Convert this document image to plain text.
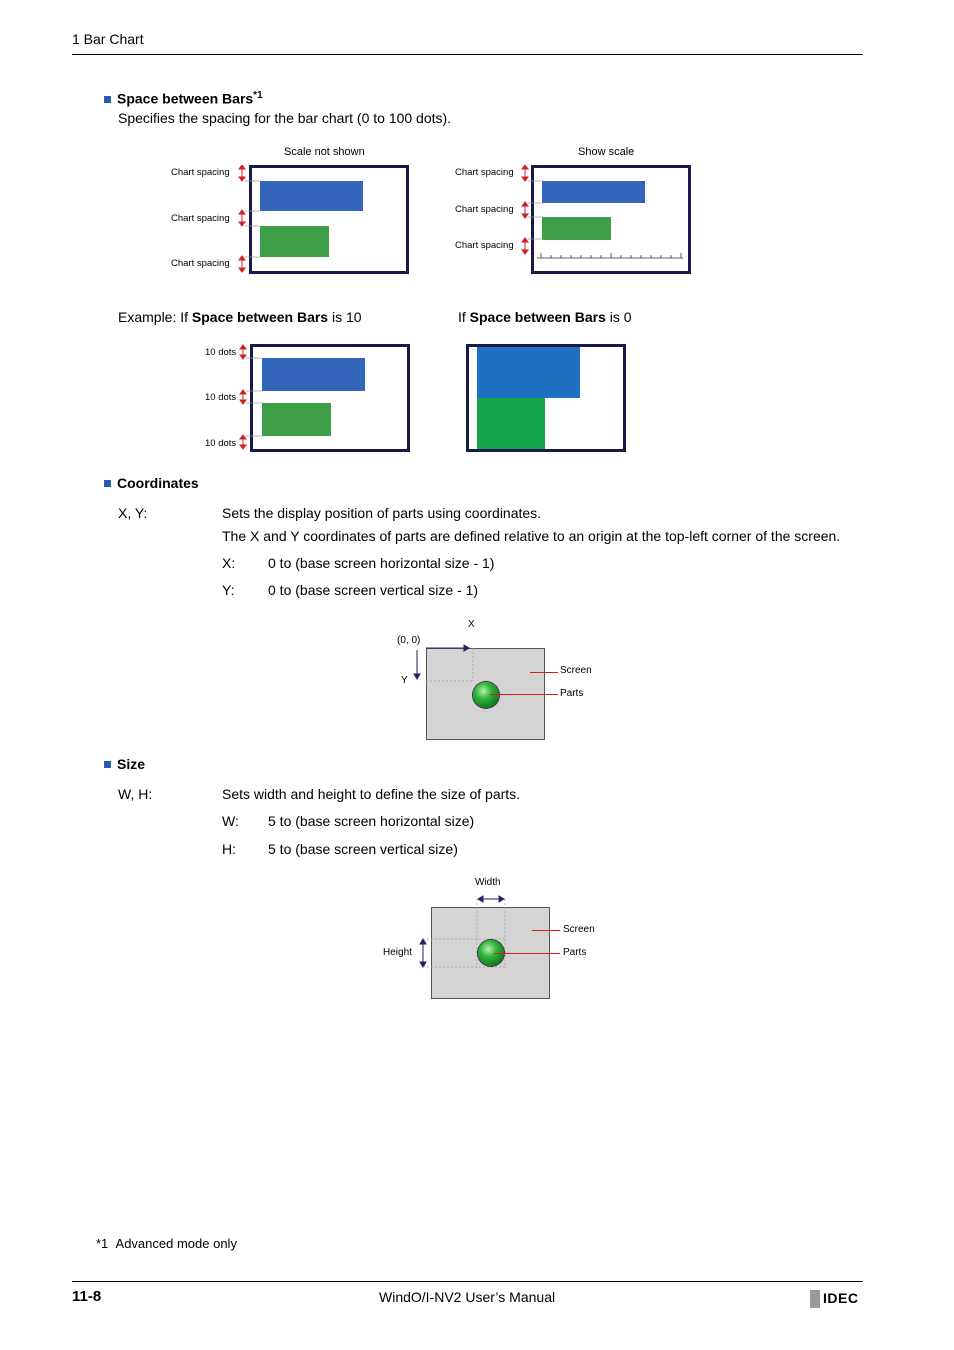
1 Bar Chart
Space between Bars$^{*1}$
Specifies the spacing for the bar chart (0 to 100 dots).
Scale not shown
Chart spacing
Chart spacing
Chart spacing
Show scale
Chart spacing
Chart spacing
Chart spacing
Example: If Space between Bars is 10	If Space between Bars is 0
10 dots
10 dots
10 dots
Coordinates
X, Y:	Sets the display position of parts using coordinates.
The X and Y coordinates of parts are defined relative to an origin at the top-left corner of the screen.
X: 0 to (base screen horizontal size - 1)
Y: 0 to (base screen vertical size - 1)
(0, 0)
X
Y
Screen
Parts
Size
W, H:	Sets width and height to define the size of parts.
W: 5 to (base screen horizontal size)
H: 5 to (base screen vertical size)
Width
Height
Screen
Parts
*1 Advanced mode only
11-8	WindO/I-NV2 User’s Manual	IDEC
